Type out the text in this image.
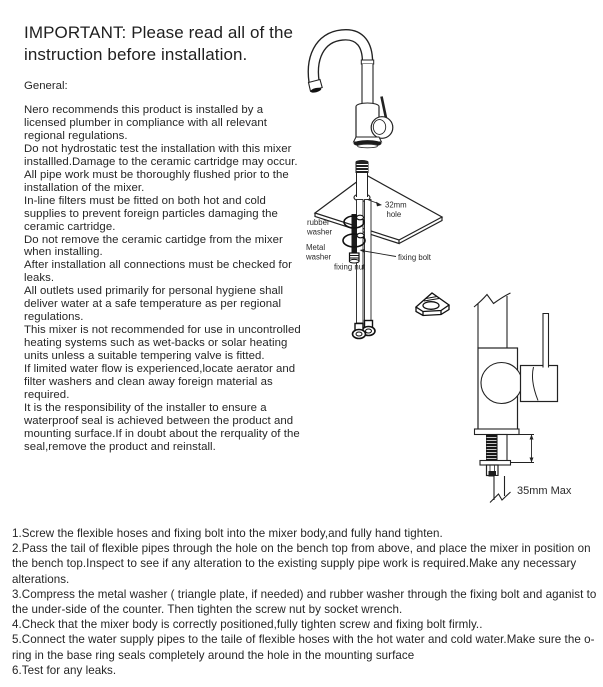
IMPORTANT: Please read all of the instruction before installation.
General:
Nero recommends this product is installed by a licensed plumber in compliance with all relevant regional regulations.
Do not hydrostatic test the installation with this mixer installled.Damage to the ceramic cartridge may occur.
All pipe work must be thoroughly flushed prior to the installation of the mixer.
In-line filters must be fitted on both hot and cold supplies to prevent foreign particles damaging the ceramic cartridge.
Do not remove the ceramic cartidge from the mixer when installing.
After installation all connections must be checked for leaks.
All outlets used primarily for personal hygiene shall deliver water at a safe temperature as per regional regulations.
This mixer is not recommended for use in uncontrolled heating systems such as wet-backs or solar heating units unless a suitable tempering valve is fitted.
If limited water flow is experienced,locate aerator and filter washers and clean away foreign material as required.
It is the responsibility of the installer to ensure a waterproof seal is achieved between the product and mounting surface.If in doubt about the rerquality of the seal,remove the product and reinstall.
1.Screw the flexible hoses and fixing bolt into the mixer body,and fully hand tighten.
2.Pass the tail of flexible pipes through the hole on the bench top from above, and place the mixer in position on the bench top.Inspect to see if any alteration to the existing supply pipe work is required.Make any necessary alterations.
3.Compress the metal washer ( triangle plate, if needed) and rubber washer through the fixing bolt and aganist to the under-side of the counter. Then tighten the screw nut by socket wrench.
4.Check that the mixer body is correctly positioned,fully tighten screw and fixing bolt firmly..
5.Connect the water supply pipes to the taile of flexible hoses with the hot water and cold water.Make sure the o-ring in the base ring seals completely around the hole in the mounting surface
6.Test for any leaks.
32mm
hole
rubber
washer
Metal
washer
fixing nut
fixing bolt
35mm Max
